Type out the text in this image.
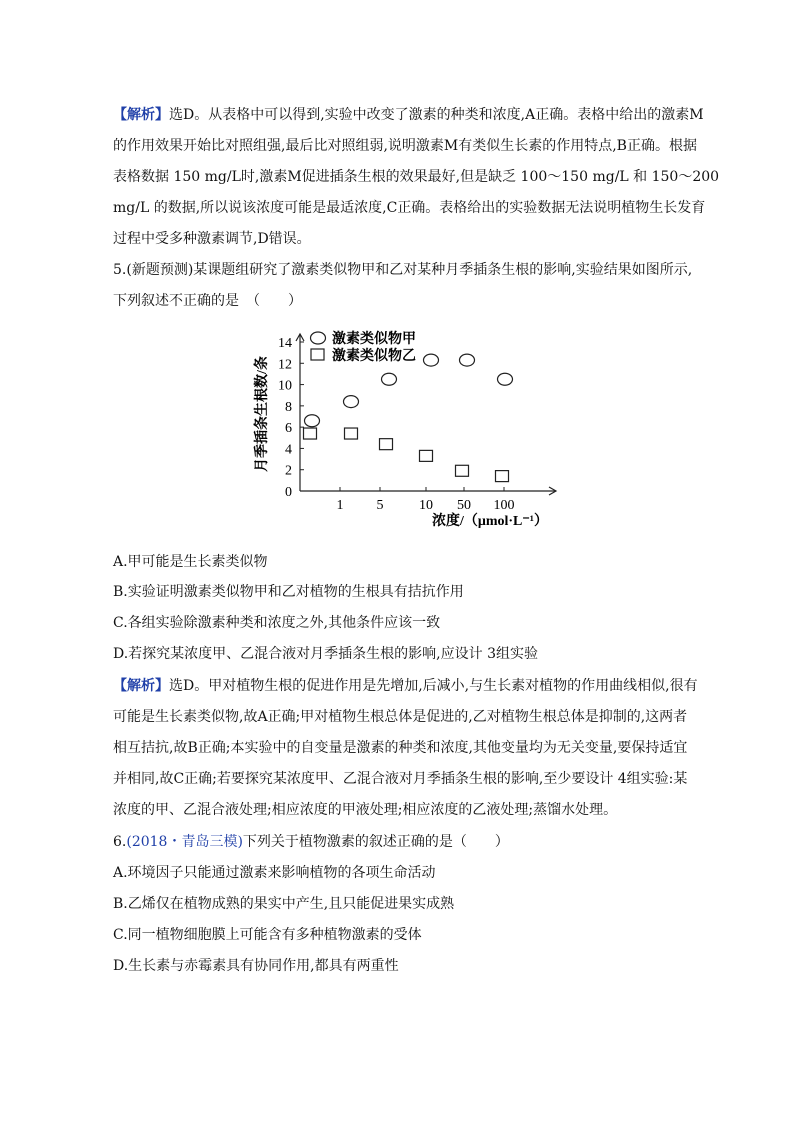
【解析】选D。从表格中可以得到,实验中改变了激素的种类和浓度,A正确。表格中给出的激素M
的作用效果开始比对照组强,最后比对照组弱,说明激素M有类似生长素的作用特点,B正确。根据
表格数据 150 mg/L时,激素M促进插条生根的效果最好,但是缺乏 100～150 mg/L 和 150～200
mg/L 的数据,所以说该浓度可能是最适浓度,C正确。表格给出的实验数据无法说明植物生长发育
过程中受多种激素调节,D错误。
5.(新题预测)某课题组研究了激素类似物甲和乙对某种月季插条生根的影响,实验结果如图所示,
下列叙述不正确的是　（　　）
0
2
4
6
8
10
12
14
月季插条生根数/条
1 5	10 50 100
浓度/（μmol·L⁻¹）
激素类似物甲
激素类似物乙
A.甲可能是生长素类似物
B.实验证明激素类似物甲和乙对植物的生根具有拮抗作用
C.各组实验除激素种类和浓度之外,其他条件应该一致
D.若探究某浓度甲、乙混合液对月季插条生根的影响,应设计 3组实验
【解析】选D。甲对植物生根的促进作用是先增加,后减小,与生长素对植物的作用曲线相似,很有
可能是生长素类似物,故A正确;甲对植物生根总体是促进的,乙对植物生根总体是抑制的,这两者
相互拮抗,故B正确;本实验中的自变量是激素的种类和浓度,其他变量均为无关变量,要保持适宜
并相同,故C正确;若要探究某浓度甲、乙混合液对月季插条生根的影响,至少要设计 4组实验:某
浓度的甲、乙混合液处理;相应浓度的甲液处理;相应浓度的乙液处理;蒸馏水处理。
6.(2018・青岛三模)下列关于植物激素的叙述正确的是（　　）
A.环境因子只能通过激素来影响植物的各项生命活动
B.乙烯仅在植物成熟的果实中产生,且只能促进果实成熟
C.同一植物细胞膜上可能含有多种植物激素的受体
D.生长素与赤霉素具有协同作用,都具有两重性
